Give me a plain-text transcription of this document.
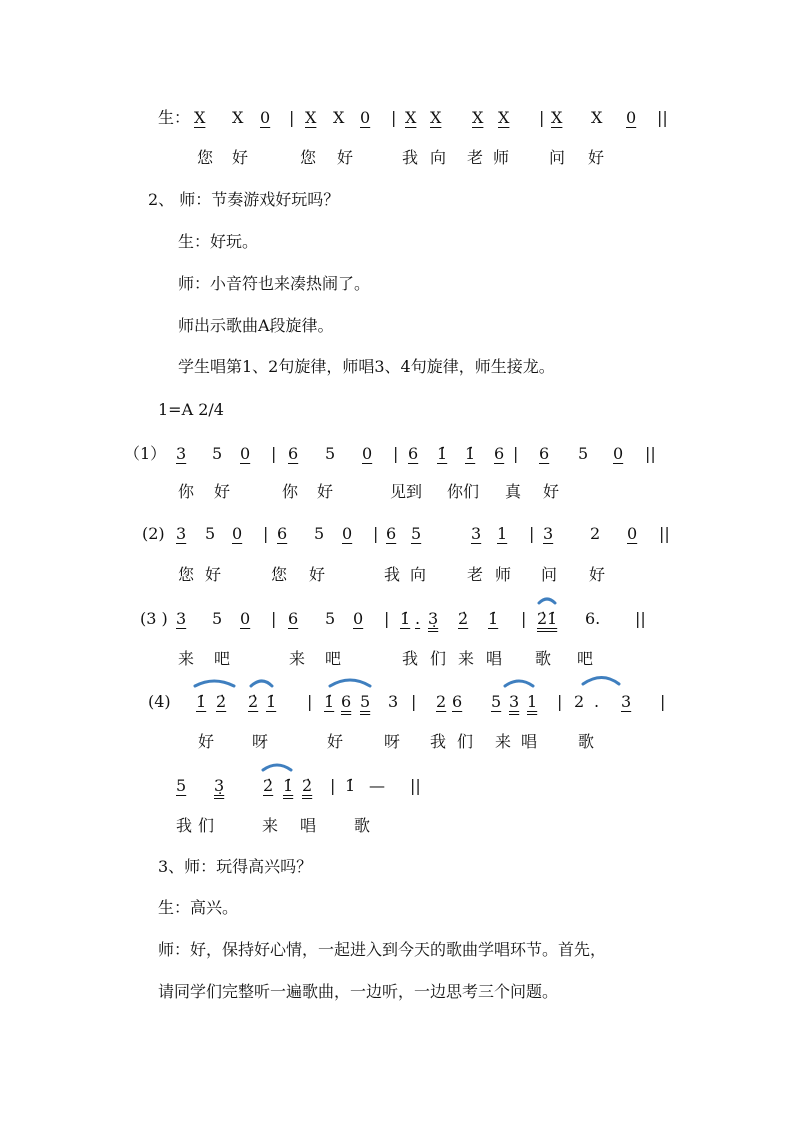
生： X X 0 | X X 0 | X X X X | X X 0 ||
您 好	您 好	我 向 老 师 问 好
2、 师：节奏游戏好玩吗？
生：好玩。
师：小音符也来凑热闹了。
师出示歌曲A段旋律。
学生唱第1、2句旋律，师唱3、4句旋律，师生接龙。
1=A 2/4
（1） 3 5 0 | 6 5 0 | 6 1̇ 1̇ 6 | 6 5 0 ||
你 好	你 好	见到 你们 真 好
(2) 3 5 0 | 6 5 0 | 6 5	3 1 | 3 2 0 ||
您 好	您 好	我 向	老 师 问 好
(3 ) 3 5 0 | 6 5 0 | 1̇ . 3̣ 2̇ 1̇ | 2̇ 1̇ 6. ||
来 吧	来 吧	我 们 来 唱 歌 吧
(4) 1̇ 2̇ 2̇ 1̇ | 1̇ 6 5 3 | 2 6 5 3 1 | 2 . 3 |
好 呀	好	呀 我 们 来 唱	歌
5 3̣ 2̇ 1̇ 2̇ | 1̇ — ||
我 们	来 唱 歌
3、师：玩得高兴吗？
生：高兴。
师：好，保持好心情，一起进入到今天的歌曲学唱环节。首先，
请同学们完整听一遍歌曲，一边听，一边思考三个问题。
